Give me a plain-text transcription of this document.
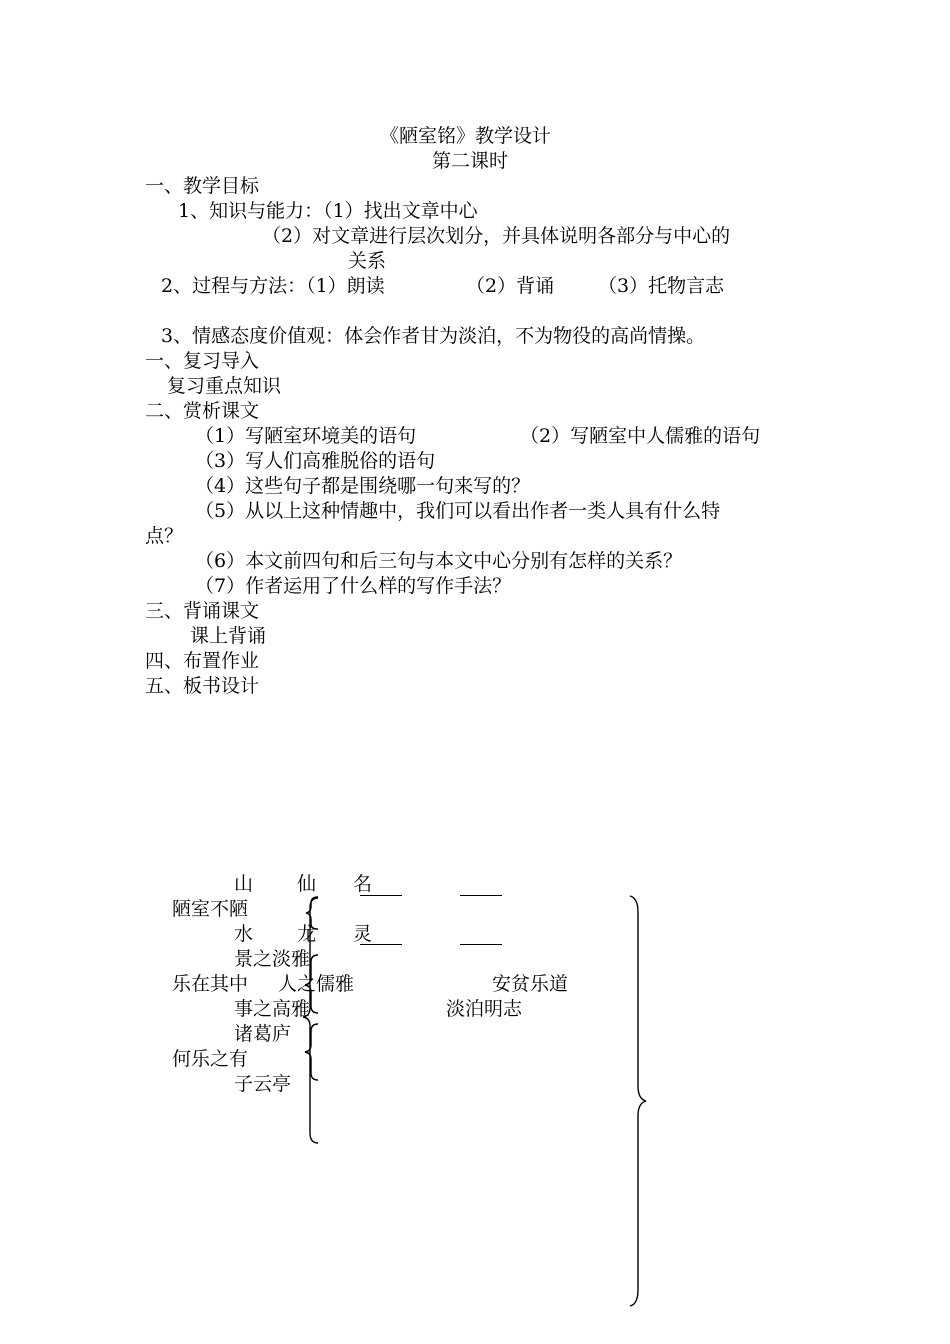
《陋室铭》教学设计
第二课时
一、教学目标
1、知识与能力：（1）找出文章中心
（2）对文章进行层次划分，并具体说明各部分与中心的
关系
2、过程与方法：（1）朗读	（2）背诵 （3）托物言志
3、情感态度价值观：体会作者甘为淡泊，不为物役的高尚情操。
一、复习导入
复习重点知识
二、赏析课文
（1）写陋室环境美的语句	（2）写陋室中人儒雅的语句
（3）写人们高雅脱俗的语句
（4）这些句子都是围绕哪一句来写的？
（5）从以上这种情趣中，我们可以看出作者一类人具有什么特
点？
（6）本文前四句和后三句与本文中心分别有怎样的关系？
（7）作者运用了什么样的写作手法？
三、背诵课文
课上背诵
四、布置作业
五、板书设计
山 仙 名
陋室不陋
水 龙 灵
景之淡雅
乐在其中 人之儒雅	安贫乐道
事之高雅	淡泊明志
诸葛庐
何乐之有
子云亭
